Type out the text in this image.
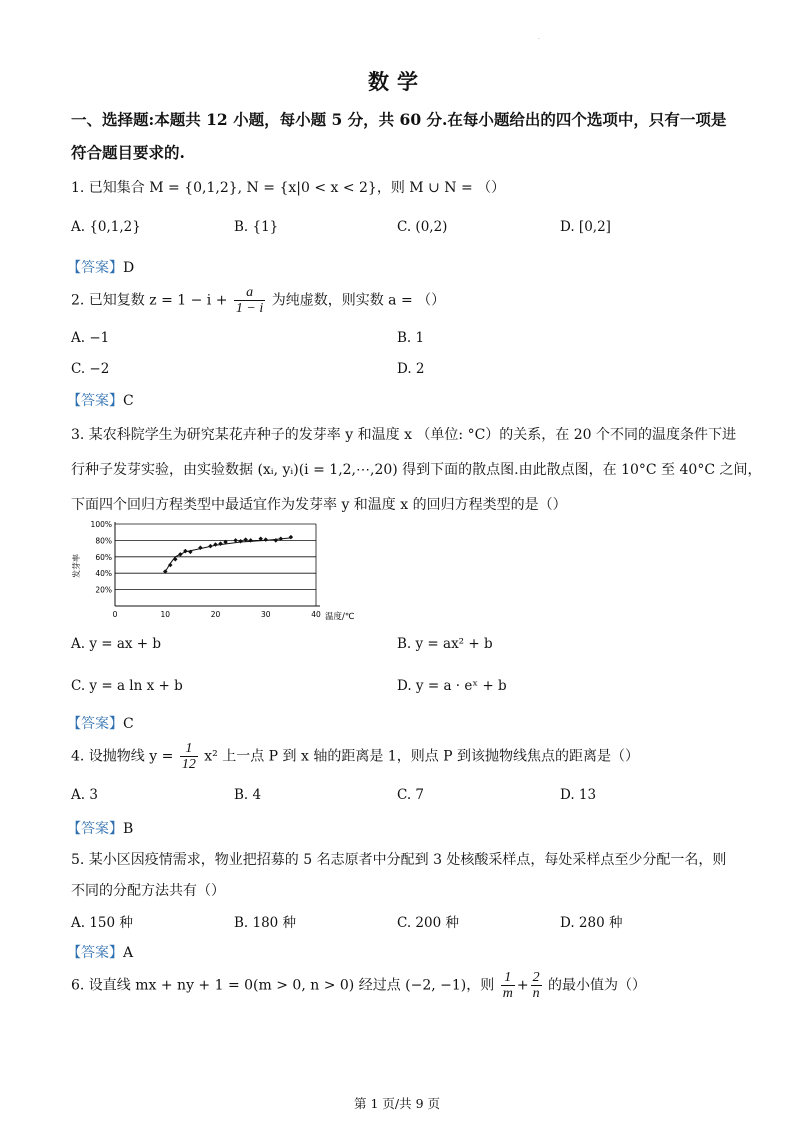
·
数学
一、选择题:本题共 12 小题，每小题 5 分，共 60 分.在每小题给出的四个选项中，只有一项是
符合题目要求的.
1. 已知集合 M = {0,1,2}, N = {x|0 < x < 2}，则 M ∪ N = （）
A. {0,1,2}	B. {1}	C. (0,2)	D. [0,2]
【答案】D
2. 已知复数 $z = 1 - i + \frac{a}{1 - i}$ 为纯虚数，则实数 a = （）
A. −1	B. 1
C. −2	D. 2
【答案】C
3. 某农科院学生为研究某花卉种子的发芽率 y 和温度 x （单位: °C）的关系，在 20 个不同的温度条件下进
行种子发芽实验，由实验数据 (xᵢ, yᵢ)(i = 1,2,⋯,20) 得到下面的散点图.由此散点图，在 10°C 至 40°C 之间，
下面四个回归方程类型中最适宜作为发芽率 y 和温度 x 的回归方程类型的是（）
20%
40%
60%
80%
100%
0	10	20	30	40
发芽率
温度/℃
A. y = ax + b	B. y = ax² + b
C. y = a ln x + b	D. y = a · eˣ + b
【答案】C
4. 设抛物线 $y = \frac{1}{12} x^2$ 上一点 P 到 x 轴的距离是 1，则点 P 到该抛物线焦点的距离是（）
A. 3	B. 4	C. 7	D. 13
【答案】B
5. 某小区因疫情需求，物业把招募的 5 名志原者中分配到 3 处核酸采样点，每处采样点至少分配一名，则
不同的分配方法共有（）
A. 150 种	B. 180 种	C. 200 种	D. 280 种
【答案】A
6. 设直线 mx + ny + 1 = 0(m > 0, n > 0) 经过点 (−2, −1)，则 $\frac{1}{m} + \frac{2}{n}$ 的最小值为（）
第 1 页/共 9 页
